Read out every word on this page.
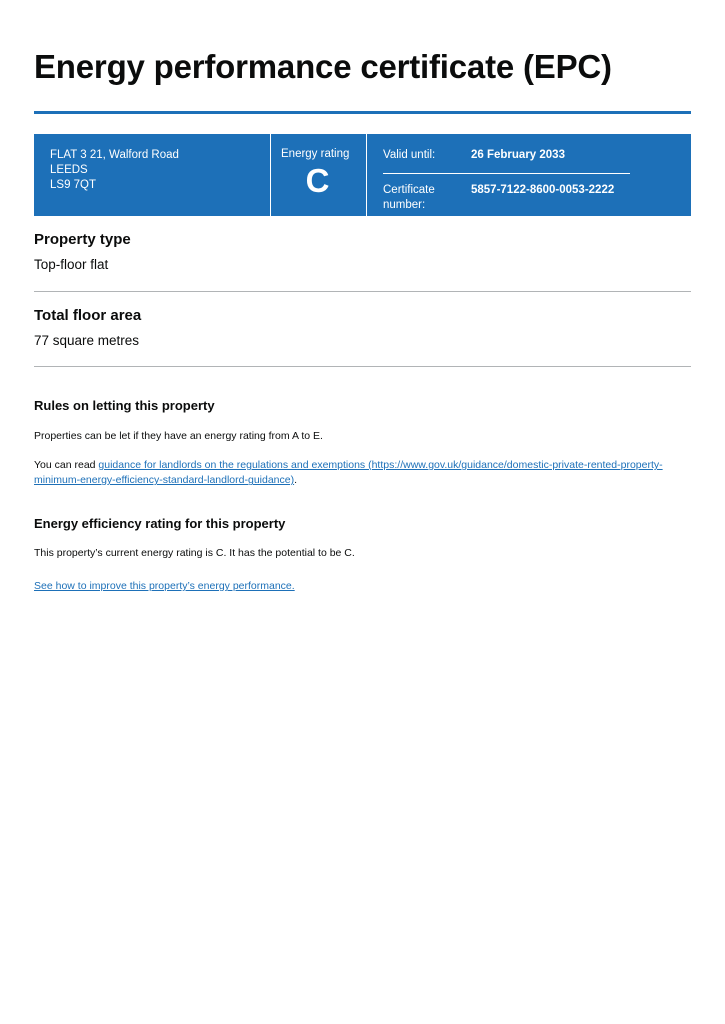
Energy performance certificate (EPC)
FLAT 3 21, Walford Road
LEEDS
LS9 7QT
Energy rating
C
Valid until:	26 February 2033
Certificate number:
5857-7122-8600-0053-2222
Property type

Top-floor flat

Total floor area

77 square metres

Rules on letting this property

Properties can be let if they have an energy rating from A to E.

You can read guidance for landlords on the regulations and exemptions (https://www.gov.uk/guidance/domestic-private-rented-property-minimum-energy-efficiency-standard-landlord-guidance).

Energy efficiency rating for this property

This property’s current energy rating is C. It has the potential to be C.

See how to improve this property’s energy performance.
